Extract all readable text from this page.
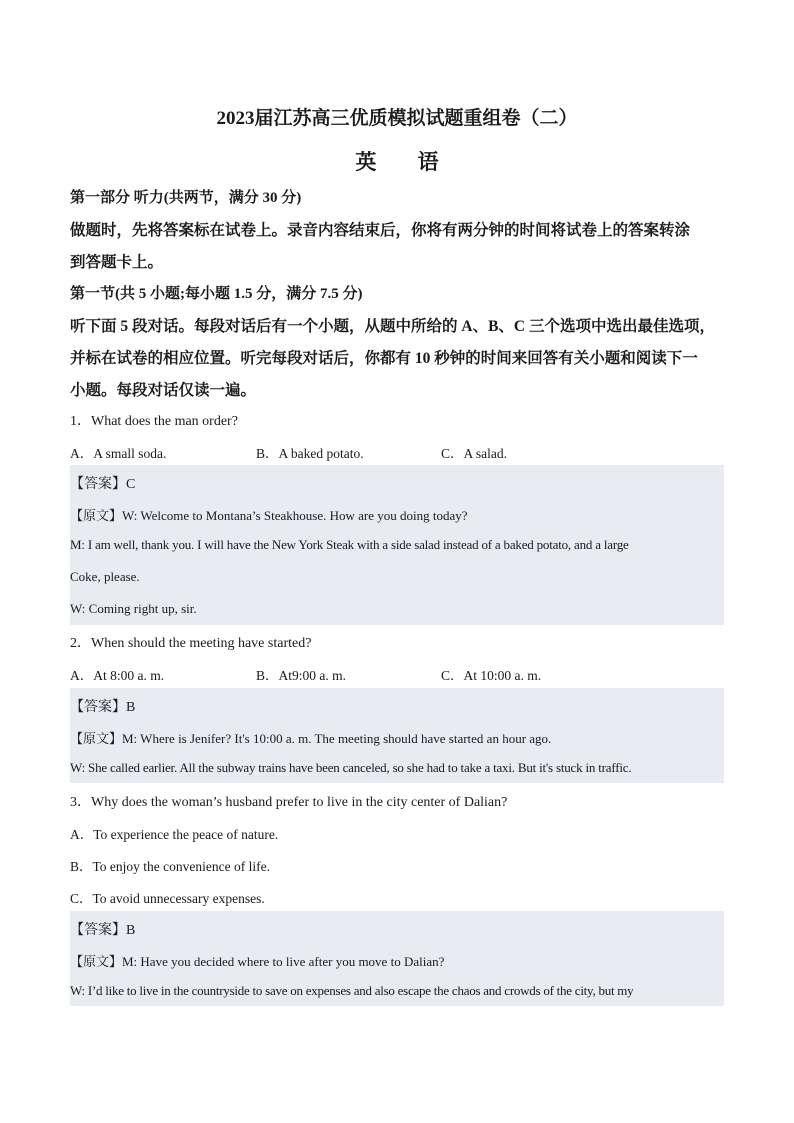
2023届江苏高三优质模拟试题重组卷（二）
英 语
第一部分 听力(共两节，满分 30 分)
做题时，先将答案标在试卷上。录音内容结束后，你将有两分钟的时间将试卷上的答案转涂
到答题卡上。
第一节(共 5 小题;每小题 1.5 分，满分 7.5 分)
听下面 5 段对话。每段对话后有一个小题，从题中所给的 A、B、C 三个选项中选出最佳选项，
并标在试卷的相应位置。听完每段对话后，你都有 10 秒钟的时间来回答有关小题和阅读下一
小题。每段对话仅读一遍。
1．What does the man order?
A．A small soda.	B．A baked potato.	C．A salad.
【答案】C
【原文】W: Welcome to Montana’s Steakhouse. How are you doing today?
M: I am well, thank you. I will have the New York Steak with a side salad instead of a baked potato, and a large
Coke, please.
W: Coming right up, sir.
2．When should the meeting have started?
A．At 8:00 a. m.	B．At9:00 a. m.	C．At 10:00 a. m.
【答案】B
【原文】M: Where is Jenifer? It's 10:00 a. m. The meeting should have started an hour ago.
W: She called earlier. All the subway trains have been canceled, so she had to take a taxi. But it's stuck in traffic.
3．Why does the woman’s husband prefer to live in the city center of Dalian?
A．To experience the peace of nature.
B．To enjoy the convenience of life.
C．To avoid unnecessary expenses.
【答案】B
【原文】M: Have you decided where to live after you move to Dalian?
W: I’d like to live in the countryside to save on expenses and also escape the chaos and crowds of the city, but my
